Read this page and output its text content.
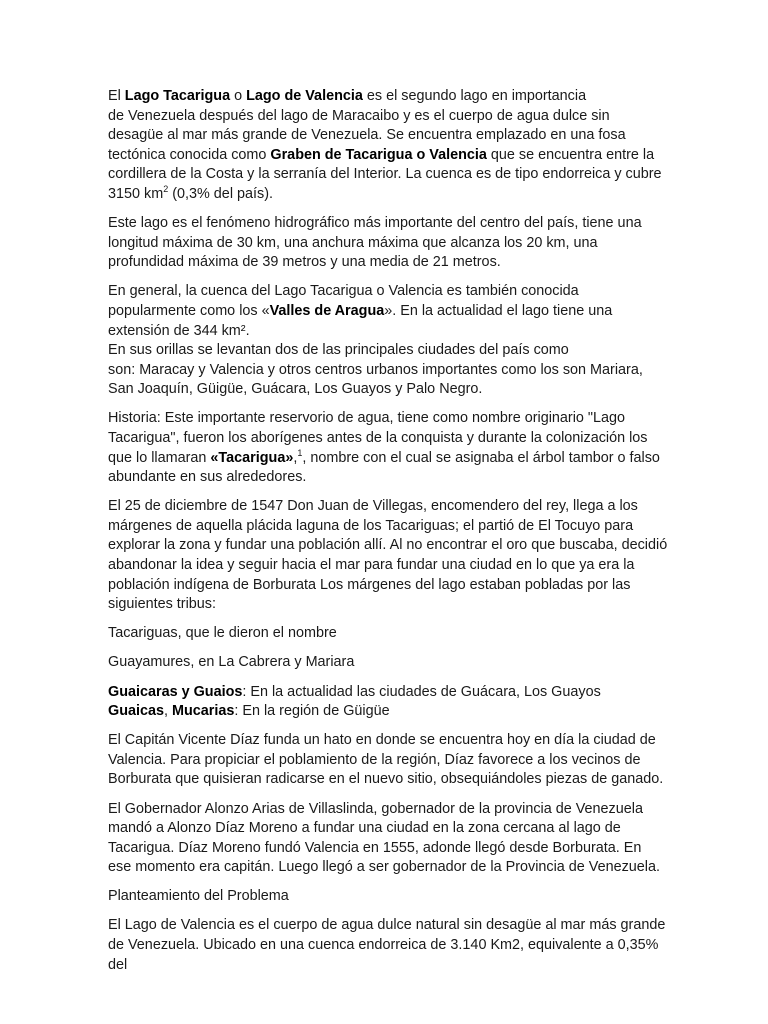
El Lago Tacarigua o Lago de Valencia es el segundo lago en importancia
de Venezuela después del lago de Maracaibo y es el cuerpo de agua dulce sin desagüe al mar más grande de Venezuela. Se encuentra emplazado en una fosa tectónica conocida como Graben de Tacarigua o Valencia que se encuentra entre la cordillera de la Costa y la serranía del Interior. La cuenca es de tipo endorreica y cubre 3150 $km^2$ (0,3% del país).

Este lago es el fenómeno hidrográfico más importante del centro del país, tiene una longitud máxima de 30 km, una anchura máxima que alcanza los 20 km, una profundidad máxima de 39 metros y una media de 21 metros.

En general, la cuenca del Lago Tacarigua o Valencia es también conocida popularmente como los «Valles de Aragua». En la actualidad el lago tiene una extensión de 344 km².
En sus orillas se levantan dos de las principales ciudades del país como
son: Maracay y Valencia y otros centros urbanos importantes como los son Mariara, San Joaquín, Güigüe, Guácara, Los Guayos y Palo Negro.

Historia: Este importante reservorio de agua, tiene como nombre originario "Lago Tacarigua", fueron los aborígenes antes de la conquista y durante la colonización los que lo llamaran «Tacarigua»,$^1$, nombre con el cual se asignaba el árbol tambor o falso abundante en sus alrededores.

El 25 de diciembre de 1547 Don Juan de Villegas, encomendero del rey, llega a los márgenes de aquella plácida laguna de los Tacariguas; el partió de El Tocuyo para explorar la zona y fundar una población allí. Al no encontrar el oro que buscaba, decidió abandonar la idea y seguir hacia el mar para fundar una ciudad en lo que ya era la población indígena de Borburata Los márgenes del lago estaban pobladas por las siguientes tribus:

Tacariguas, que le dieron el nombre

Guayamures, en La Cabrera y Mariara

Guaicaras y Guaios: En la actualidad las ciudades de Guácara, Los Guayos

Guaicas, Mucarias: En la región de Güigüe

El Capitán Vicente Díaz funda un hato en donde se encuentra hoy en día la ciudad de Valencia. Para propiciar el poblamiento de la región, Díaz favorece a los vecinos de Borburata que quisieran radicarse en el nuevo sitio, obsequiándoles piezas de ganado.

El Gobernador Alonzo Arias de Villaslinda, gobernador de la provincia de Venezuela mandó a Alonzo Díaz Moreno a fundar una ciudad en la zona cercana al lago de Tacarigua. Díaz Moreno fundó Valencia en 1555, adonde llegó desde Borburata. En ese momento era capitán. Luego llegó a ser gobernador de la Provincia de Venezuela.

Planteamiento del Problema

El Lago de Valencia es el cuerpo de agua dulce natural sin desagüe al mar más grande de Venezuela. Ubicado en una cuenca endorreica de 3.140 Km2, equivalente a 0,35% del
